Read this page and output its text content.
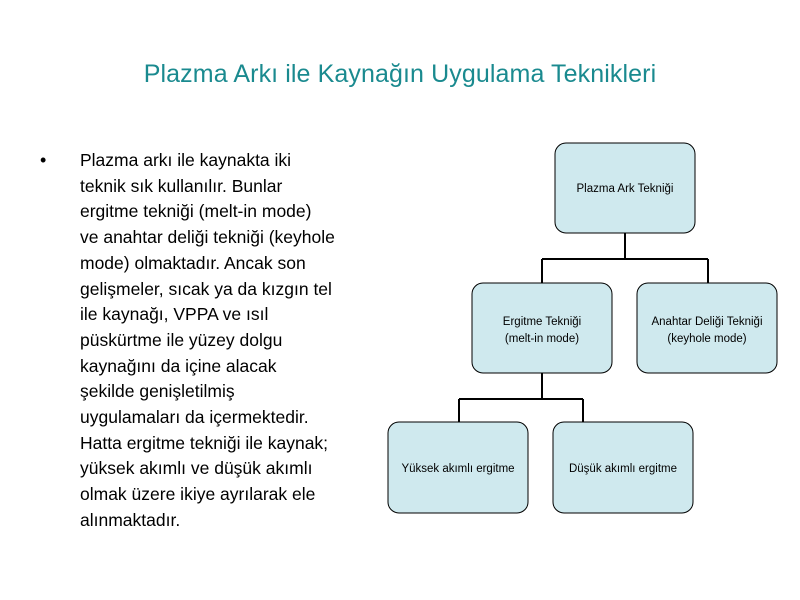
Plazma Arkı ile Kaynağın Uygulama Teknikleri
•	Plazma arkı ile kaynakta iki
teknik sık kullanılır. Bunlar
ergitme tekniği (melt-in mode)
ve anahtar deliği tekniği (keyhole
mode) olmaktadır. Ancak son
gelişmeler, sıcak ya da kızgın tel
ile kaynağı, VPPA ve ısıl
püskürtme ile yüzey dolgu
kaynağını da içine alacak
şekilde genişletilmiş
uygulamaları da içermektedir.
Hatta ergitme tekniği ile kaynak;
yüksek akımlı ve düşük akımlı
olmak üzere ikiye ayrılarak ele
alınmaktadır.
Plazma Ark Tekniği
Ergitme Tekniği
(melt-in mode)
Anahtar Deliği Tekniği
(keyhole mode)
Yüksek akımlı ergitme	Düşük akımlı ergitme
